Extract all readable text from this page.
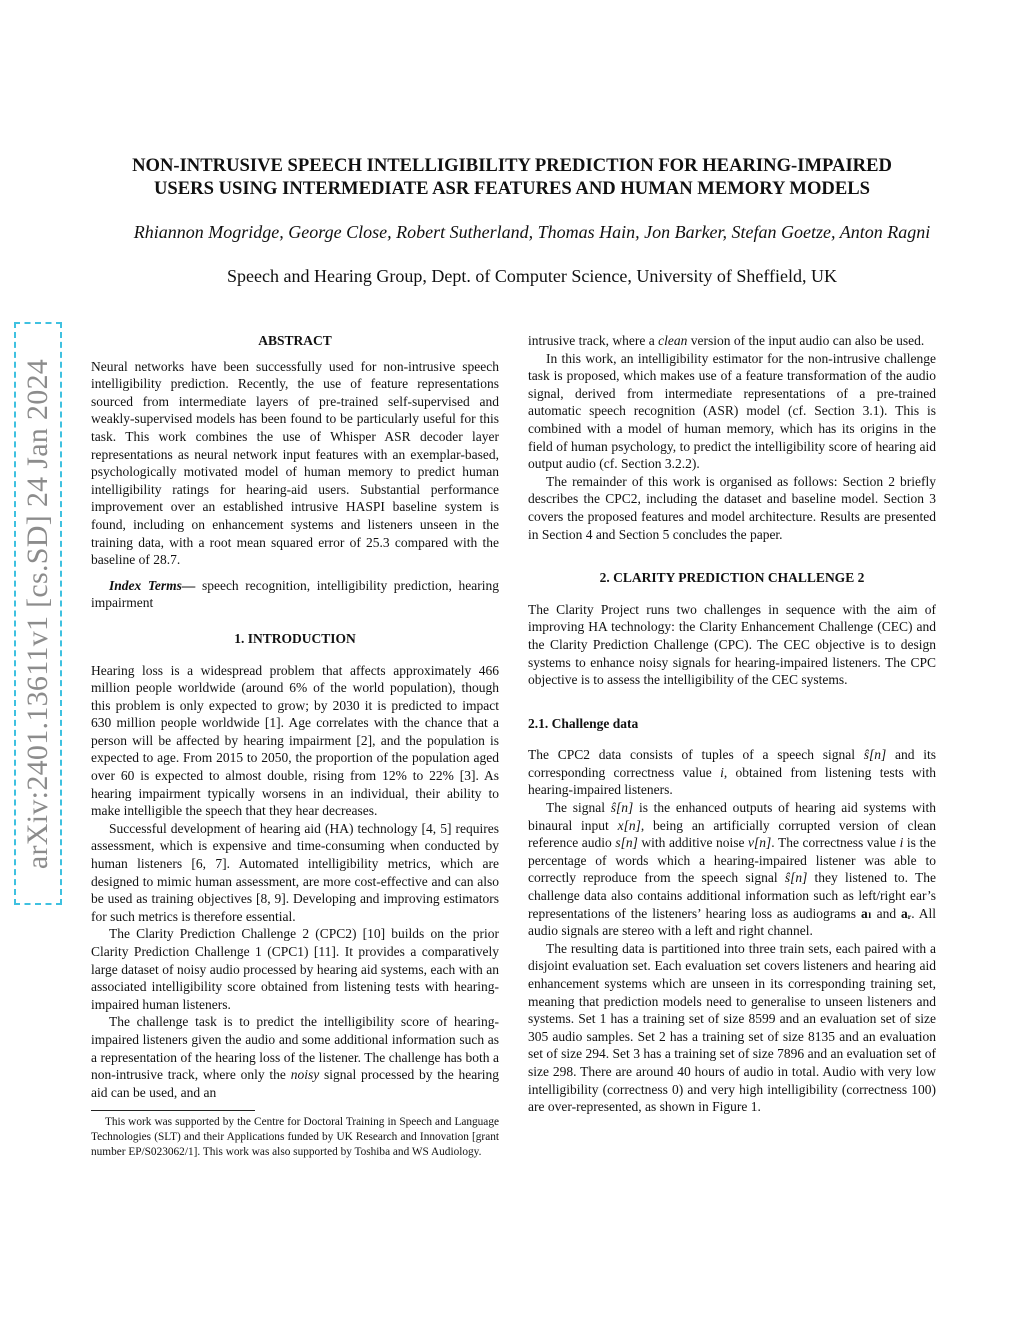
NON-INTRUSIVE SPEECH INTELLIGIBILITY PREDICTION FOR HEARING-IMPAIRED
USERS USING INTERMEDIATE ASR FEATURES AND HUMAN MEMORY MODELS
Rhiannon Mogridge, George Close, Robert Sutherland, Thomas Hain, Jon Barker, Stefan Goetze, Anton Ragni
Speech and Hearing Group, Dept. of Computer Science, University of Sheffield, UK
arXiv:2401.13611v1 [cs.SD] 24 Jan 2024

ABSTRACT

Neural networks have been successfully used for non-intrusive speech intelligibility prediction. Recently, the use of feature representations sourced from intermediate layers of pre-trained self-supervised and weakly-supervised models has been found to be particularly useful for this task. This work combines the use of Whisper ASR decoder layer representations as neural network input features with an exemplar-based, psychologically motivated model of human memory to predict human intelligibility ratings for hearing-aid users. Substantial performance improvement over an established intrusive HASPI baseline system is found, including on enhancement systems and listeners unseen in the training data, with a root mean squared error of 25.3 compared with the baseline of 28.7.

Index Terms— speech recognition, intelligibility prediction, hearing impairment

1. INTRODUCTION

Hearing loss is a widespread problem that affects approximately 466 million people worldwide (around 6% of the world population), though this problem is only expected to grow; by 2030 it is predicted to impact 630 million people worldwide [1]. Age correlates with the chance that a person will be affected by hearing impairment [2], and the population is expected to age. From 2015 to 2050, the proportion of the population aged over 60 is expected to almost double, rising from 12% to 22% [3]. As hearing impairment typically worsens in an individual, their ability to make intelligible the speech that they hear decreases.

Successful development of hearing aid (HA) technology [4, 5] requires assessment, which is expensive and time-consuming when conducted by human listeners [6, 7]. Automated intelligibility metrics, which are designed to mimic human assessment, are more cost-effective and can also be used as training objectives [8, 9]. Developing and improving estimators for such metrics is therefore essential.

The Clarity Prediction Challenge 2 (CPC2) [10] builds on the prior Clarity Prediction Challenge 1 (CPC1) [11]. It provides a comparatively large dataset of noisy audio processed by hearing aid systems, each with an associated intelligibility score obtained from listening tests with hearing-impaired human listeners.

The challenge task is to predict the intelligibility score of hearing-impaired listeners given the audio and some additional information such as a representation of the hearing loss of the listener. The challenge has both a non-intrusive track, where only the noisy signal processed by the hearing aid can be used, and an

This work was supported by the Centre for Doctoral Training in Speech and Language Technologies (SLT) and their Applications funded by UK Research and Innovation [grant number EP/S023062/1]. This work was also supported by Toshiba and WS Audiology.

intrusive track, where a clean version of the input audio can also be used.

In this work, an intelligibility estimator for the non-intrusive challenge task is proposed, which makes use of a feature transformation of the audio signal, derived from intermediate representations of a pre-trained automatic speech recognition (ASR) model (cf. Section 3.1). This is combined with a model of human memory, which has its origins in the field of human psychology, to predict the intelligibility score of hearing aid output audio (cf. Section 3.2.2).

The remainder of this work is organised as follows: Section 2 briefly describes the CPC2, including the dataset and baseline model. Section 3 covers the proposed features and model architecture. Results are presented in Section 4 and Section 5 concludes the paper.

2. CLARITY PREDICTION CHALLENGE 2

The Clarity Project runs two challenges in sequence with the aim of improving HA technology: the Clarity Enhancement Challenge (CEC) and the Clarity Prediction Challenge (CPC). The CEC objective is to design systems to enhance noisy signals for hearing-impaired listeners. The CPC objective is to assess the intelligibility of the CEC systems.

2.1. Challenge data

The CPC2 data consists of tuples of a speech signal ŝ[n] and its corresponding correctness value i, obtained from listening tests with hearing-impaired listeners.

The signal ŝ[n] is the enhanced outputs of hearing aid systems with binaural input x[n], being an artificially corrupted version of clean reference audio s[n] with additive noise v[n]. The correctness value i is the percentage of words which a hearing-impaired listener was able to correctly reproduce from the speech signal ŝ[n] they listened to. The challenge data also contains additional information such as left/right ear’s representations of the listeners’ hearing loss as audiograms aₗ and aᵣ. All audio signals are stereo with a left and right channel.

The resulting data is partitioned into three train sets, each paired with a disjoint evaluation set. Each evaluation set covers listeners and hearing aid enhancement systems which are unseen in its corresponding training set, meaning that prediction models need to generalise to unseen listeners and systems. Set 1 has a training set of size 8599 and an evaluation set of size 305 audio samples. Set 2 has a training set of size 8135 and an evaluation set of size 294. Set 3 has a training set of size 7896 and an evaluation set of size 298. There are around 40 hours of audio in total. Audio with very low intelligibility (correctness 0) and very high intelligibility (correctness 100) are over-represented, as shown in Figure 1.
